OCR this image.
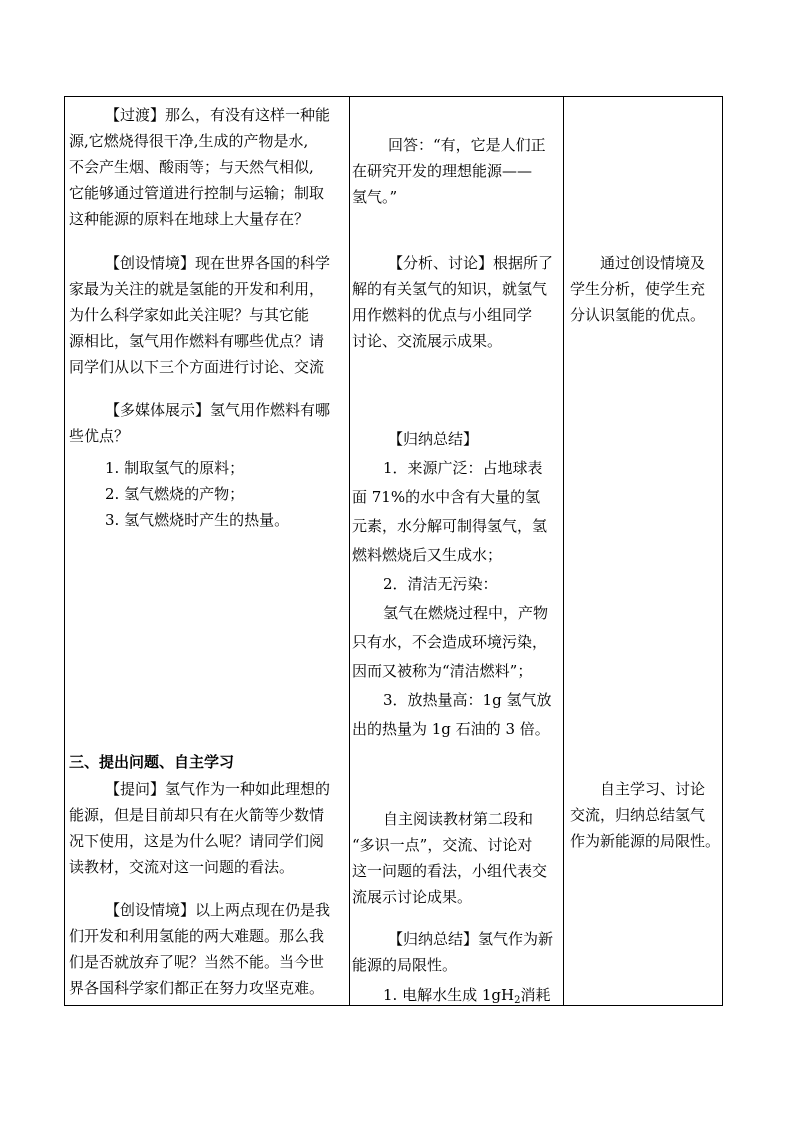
【过渡】那么，有没有这样一种能
源,它燃烧得很干净,生成的产物是水,
不会产生烟、酸雨等；与天然气相似,
它能够通过管道进行控制与运输；制取
这种能源的原料在地球上大量存在？
【创设情境】现在世界各国的科学
家最为关注的就是氢能的开发和利用，
为什么科学家如此关注呢？与其它能
源相比，氢气用作燃料有哪些优点？请
同学们从以下三个方面进行讨论、交流
【多媒体展示】氢气用作燃料有哪
些优点？
1. 制取氢气的原料；
2. 氢气燃烧的产物；
3. 氢气燃烧时产生的热量。
三、提出问题、自主学习
【提问】氢气作为一种如此理想的
能源，但是目前却只有在火箭等少数情
况下使用，这是为什么呢？请同学们阅
读教材，交流对这一问题的看法。
【创设情境】以上两点现在仍是我
们开发和利用氢能的两大难题。那么我
们是否就放弃了呢？当然不能。当今世
界各国科学家们都正在努力攻坚克难。
回答：“有，它是人们正
在研究开发的理想能源——
氢气。”
【分析、讨论】根据所了
解的有关氢气的知识，就氢气
用作燃料的优点与小组同学
讨论、交流展示成果。
【归纳总结】
1．来源广泛：占地球表
面 71%的水中含有大量的氢
元素，水分解可制得氢气，氢
燃料燃烧后又生成水；
2．清洁无污染：
氢气在燃烧过程中，产物
只有水，不会造成环境污染，
因而又被称为“清洁燃料”；
3．放热量高：1g 氢气放
出的热量为 1g 石油的 3 倍。
自主阅读教材第二段和
“多识一点”，交流、讨论对
这一问题的看法，小组代表交
流展示讨论成果。
【归纳总结】氢气作为新
能源的局限性。
1. 电解水生成 $1gH_2$消耗
通过创设情境及
学生分析，使学生充
分认识氢能的优点。
自主学习、讨论
交流，归纳总结氢气
作为新能源的局限性。
